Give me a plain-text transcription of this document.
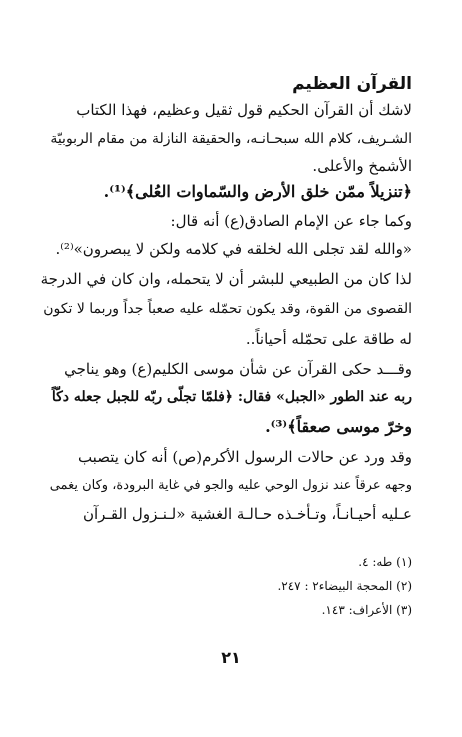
القرآن العظيم
لاشك أن القرآن الحكيم قول ثقيل وعظيم، فهذا الكتاب
الشـريف، كلام الله سبحـانـه، والحقيقة النازلة من مقام الربوبيّة
الأشمخ والأعلى.
﴿تنزيلاً ممّن خلق الأرض والسّماوات العُلى﴾⁽¹⁾.
وكما جاء عن الإمام الصادق(ع) أنه قال:
«والله لقد تجلى الله لخلقه في كلامه ولكن لا يبصرون»⁽²⁾.
لذا كان من الطبيعي للبشر أن لا يتحمله، وان كان في الدرجة
القصوى من القوة، وقد يكون تحمّله عليه صعباً جداً وربما لا تكون
له طاقة على تحمّله أحياناً..
وقـــد حكى القرآن عن شأن موسى الكليم(ع) وهو يناجي
ربه عند الطور «الجبل» فقال: ﴿فلمّا تجلّى ربّه للجبل جعله دكّاً
وخرّ موسى صعقاً﴾⁽³⁾.
وقد ورد عن حالات الرسول الأكرم(ص) أنه كان يتصبب
وجهه عرقاً عند نزول الوحي عليه والجو في غاية البرودة، وكان يغمى
عـليه أحيـانـاً، وتـأخـذه حـالـة الغشية «لـنـزول القـرآن
(١) طه: ٤.
(٢) المحجة البيضاء٢ : ٢٤٧.
(٣) الأعراف: ١٤٣.
٢١
